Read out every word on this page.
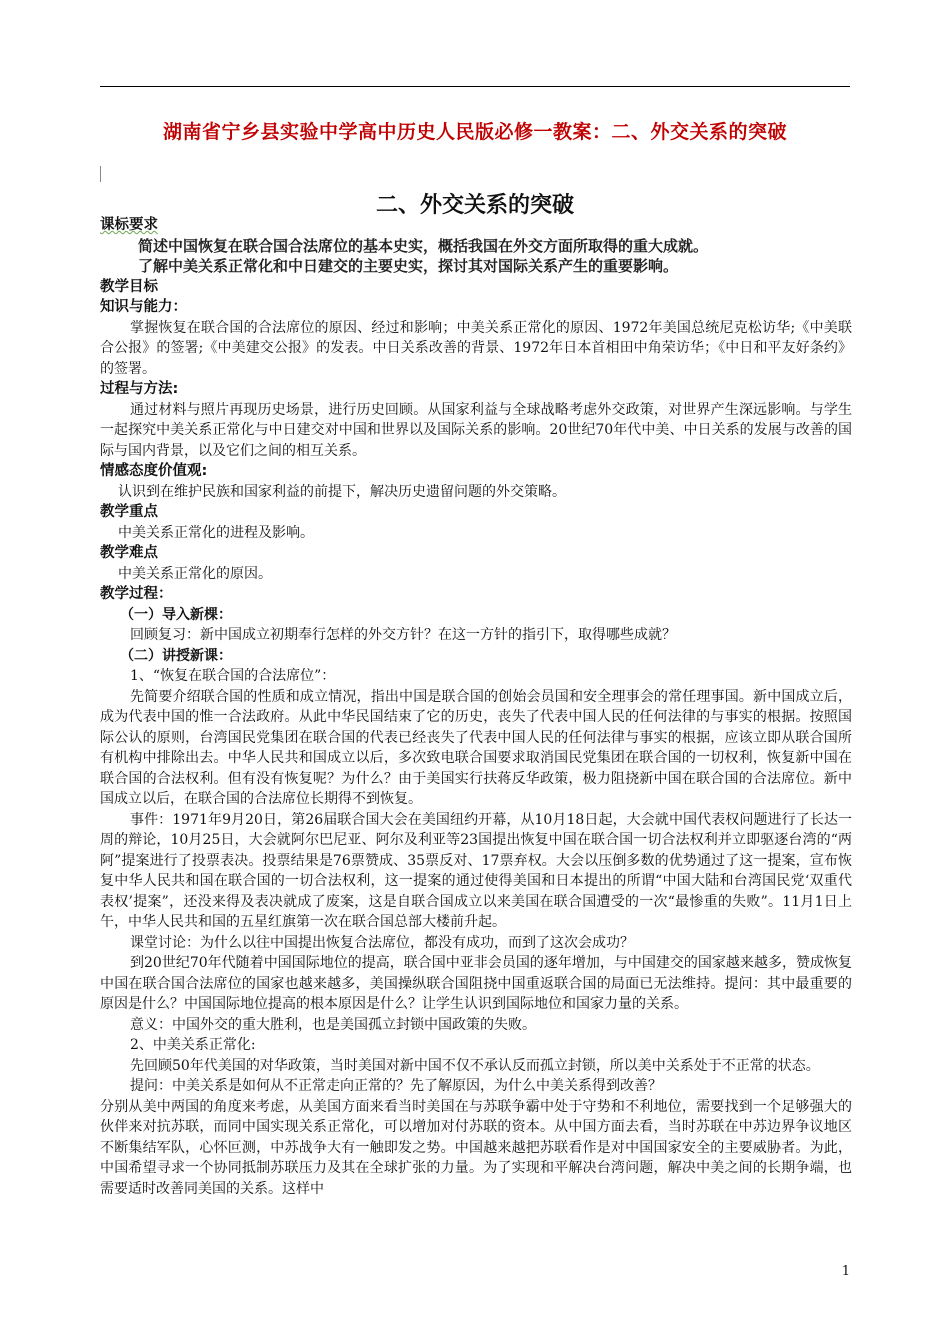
湖南省宁乡县实验中学高中历史人民版必修一教案：二、外交关系的突破
二、外交关系的突破
课标要求
简述中国恢复在联合国合法席位的基本史实，概括我国在外交方面所取得的重大成就。
了解中美关系正常化和中日建交的主要史实，探讨其对国际关系产生的重要影响。
教学目标
知识与能力：
掌握恢复在联合国的合法席位的原因、经过和影响；中美关系正常化的原因、1972年美国总统尼克松访华;《中美联合公报》的签署;《中美建交公报》的发表。中日关系改善的背景、1972年日本首相田中角荣访华；《中日和平友好条约》的签署。
过程与方法:
通过材料与照片再现历史场景，进行历史回顾。从国家利益与全球战略考虑外交政策，对世界产生深远影响。与学生一起探究中美关系正常化与中日建交对中国和世界以及国际关系的影响。20世纪70年代中美、中日关系的发展与改善的国际与国内背景，以及它们之间的相互关系。
情感态度价值观:
认识到在维护民族和国家利益的前提下，解决历史遗留问题的外交策略。
教学重点
中美关系正常化的进程及影响。
教学难点
中美关系正常化的原因。
教学过程：
（一）导入新棵：
回顾复习：新中国成立初期奉行怎样的外交方针？在这一方针的指引下，取得哪些成就？
（二）讲授新课：
1、“恢复在联合国的合法席位”：
先简要介绍联合国的性质和成立情况，指出中国是联合国的创始会员国和安全理事会的常任理事国。新中国成立后，成为代表中国的惟一合法政府。从此中华民国结束了它的历史，丧失了代表中国人民的任何法律的与事实的根据。按照国际公认的原则，台湾国民党集团在联合国的代表已经丧失了代表中国人民的任何法律与事实的根据，应该立即从联合国所有机构中排除出去。中华人民共和国成立以后，多次致电联合国要求取消国民党集团在联合国的一切权利，恢复新中国在联合国的合法权利。但有没有恢复呢？为什么？由于美国实行扶蒋反华政策，极力阻挠新中国在联合国的合法席位。新中国成立以后，在联合国的合法席位长期得不到恢复。
事件：1971年9月20日，第26届联合国大会在美国纽约开幕，从10月18日起，大会就中国代表权问题进行了长达一周的辩论，10月25日，大会就阿尔巴尼亚、阿尔及利亚等23国提出恢复中国在联合国一切合法权利并立即驱逐台湾的“两阿”提案进行了投票表决。投票结果是76票赞成、35票反对、17票弃权。大会以压倒多数的优势通过了这一提案，宣布恢复中华人民共和国在联合国的一切合法权利，这一提案的通过使得美国和日本提出的所谓“中国大陆和台湾国民党‘双重代表权’提案”，还没来得及表决就成了废案，这是自联合国成立以来美国在联合国遭受的一次“最惨重的失败”。11月1日上午，中华人民共和国的五星红旗第一次在联合国总部大楼前升起。
课堂讨论：为什么以往中国提出恢复合法席位，都没有成功，而到了这次会成功？
到20世纪70年代随着中国国际地位的提高，联合国中亚非会员国的逐年增加，与中国建交的国家越来越多，赞成恢复中国在联合国合法席位的国家也越来越多，美国操纵联合国阻挠中国重返联合国的局面已无法维持。提问：其中最重要的原因是什么？中国国际地位提高的根本原因是什么？让学生认识到国际地位和国家力量的关系。
意义：中国外交的重大胜利，也是美国孤立封锁中国政策的失败。
2、中美关系正常化:
先回顾50年代美国的对华政策，当时美国对新中国不仅不承认反而孤立封锁，所以美中关系处于不正常的状态。
提问：中美关系是如何从不正常走向正常的？先了解原因，为什么中美关系得到改善？
分别从美中两国的角度来考虑，从美国方面来看当时美国在与苏联争霸中处于守势和不利地位，需要找到一个足够强大的伙伴来对抗苏联，而同中国实现关系正常化，可以增加对付苏联的资本。从中国方面去看，当时苏联在中苏边界争议地区不断集结军队，心怀叵测，中苏战争大有一触即发之势。中国越来越把苏联看作是对中国国家安全的主要威胁者。为此，中国希望寻求一个协同抵制苏联压力及其在全球扩张的力量。为了实现和平解决台湾问题，解决中美之间的长期争端，也需要适时改善同美国的关系。这样中
1
